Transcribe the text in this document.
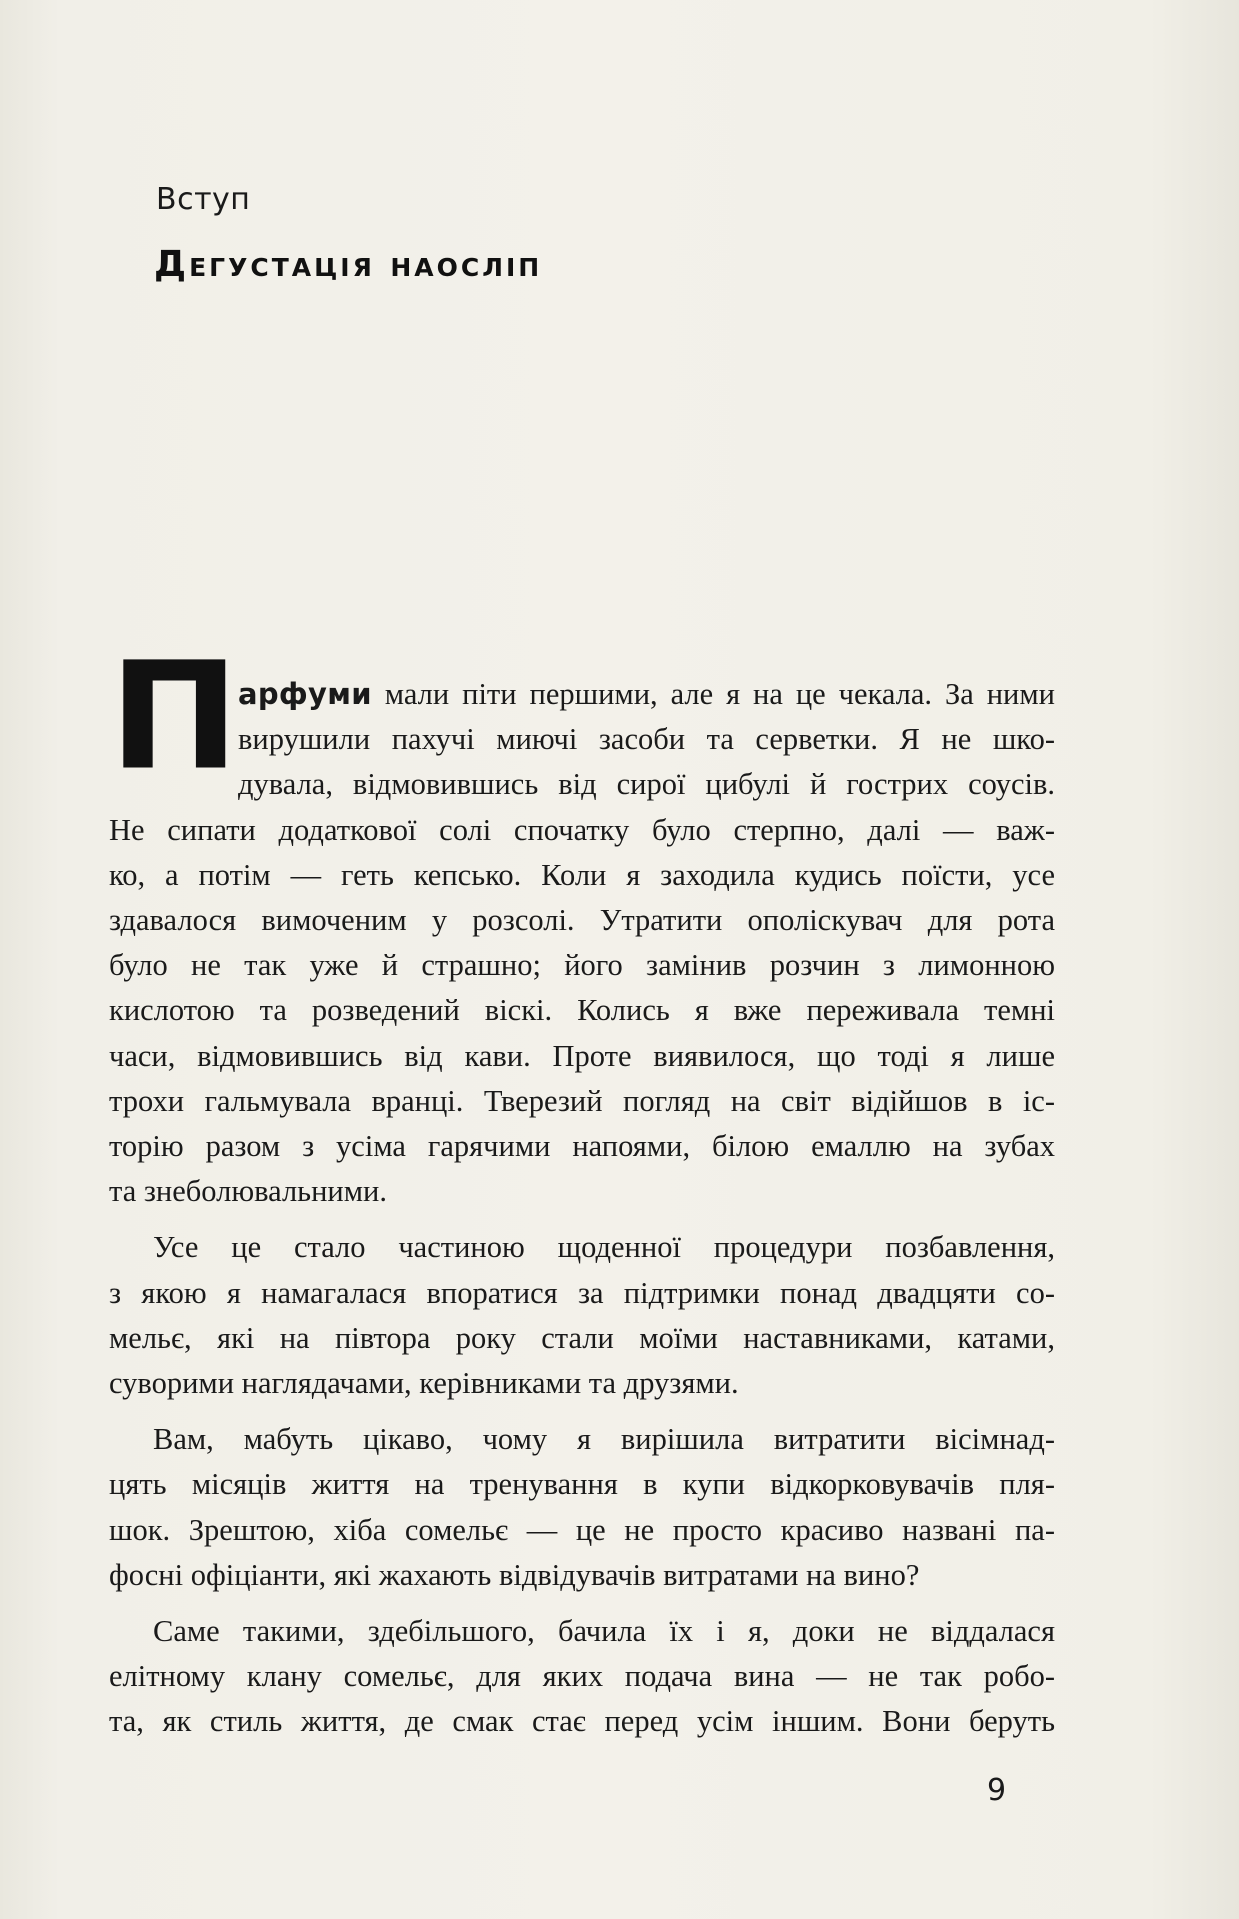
Вступ
Дегустація наосліп
П
арфуми мали піти першими, але я на це чекала. За ними
вирушили пахучі миючі засоби та серветки. Я не шко-
дувала, відмовившись від сирої цибулі й гострих соусів.
Не сипати додаткової солі спочатку було стерпно, далі — важ-
ко, а потім — геть кепсько. Коли я заходила кудись поїсти, усе
здавалося вимоченим у розсолі. Утратити ополіскувач для рота
було не так уже й страшно; його замінив розчин з лимонною
кислотою та розведений віскі. Колись я вже переживала темні
часи, відмовившись від кави. Проте виявилося, що тоді я лише
трохи гальмувала вранці. Тверезий погляд на світ відійшов в іс-
торію разом з усіма гарячими напоями, білою емаллю на зубах
та знеболювальними.
Усе це стало частиною щоденної процедури позбавлення,
з якою я намагалася впоратися за підтримки понад двадцяти со-
мельє, які на півтора року стали моїми наставниками, катами,
суворими наглядачами, керівниками та друзями.
Вам, мабуть цікаво, чому я вирішила витратити вісімнад-
цять місяців життя на тренування в купи відкорковувачів пля-
шок. Зрештою, хіба сомельє — це не просто красиво названі па-
фосні офіціанти, які жахають відвідувачів витратами на вино?
Саме такими, здебільшого, бачила їх і я, доки не віддалася
елітному клану сомельє, для яких подача вина — не так робо-
та, як стиль життя, де смак стає перед усім іншим. Вони беруть
9
